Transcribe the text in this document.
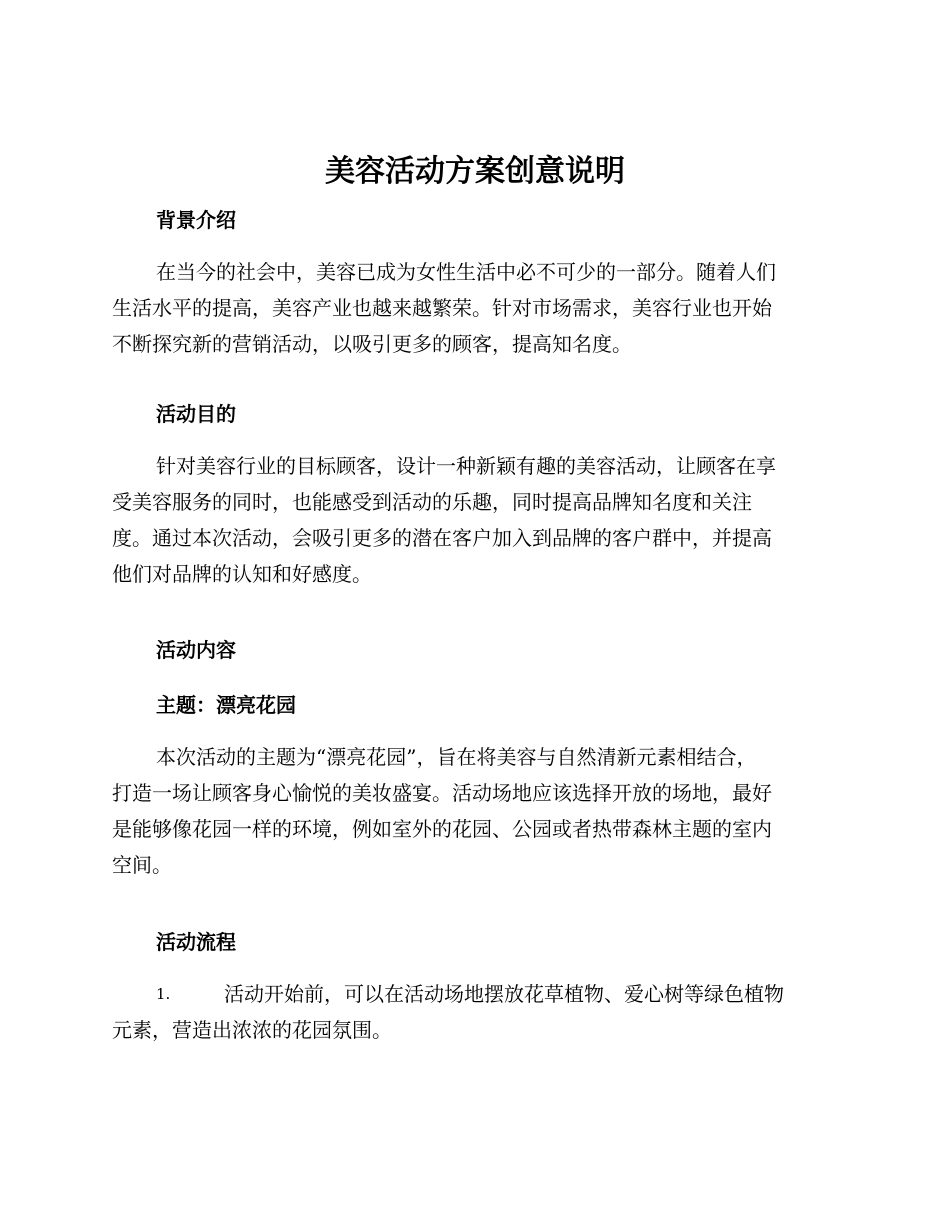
美容活动方案创意说明
背景介绍

在当今的社会中，美容已成为女性生活中必不可少的一部分。随着人们
生活水平的提高，美容产业也越来越繁荣。针对市场需求，美容行业也开始
不断探究新的营销活动，以吸引更多的顾客，提高知名度。

活动目的

针对美容行业的目标顾客，设计一种新颖有趣的美容活动，让顾客在享
受美容服务的同时，也能感受到活动的乐趣，同时提高品牌知名度和关注
度。通过本次活动，会吸引更多的潜在客户加入到品牌的客户群中，并提高
他们对品牌的认知和好感度。

活动内容
主题：漂亮花园

本次活动的主题为“漂亮花园”，旨在将美容与自然清新元素相结合，
打造一场让顾客身心愉悦的美妆盛宴。活动场地应该选择开放的场地，最好
是能够像花园一样的环境，例如室外的花园、公园或者热带森林主题的室内
空间。

活动流程
1.	活动开始前，可以在活动场地摆放花草植物、爱心树等绿色植物
元素，营造出浓浓的花园氛围。
